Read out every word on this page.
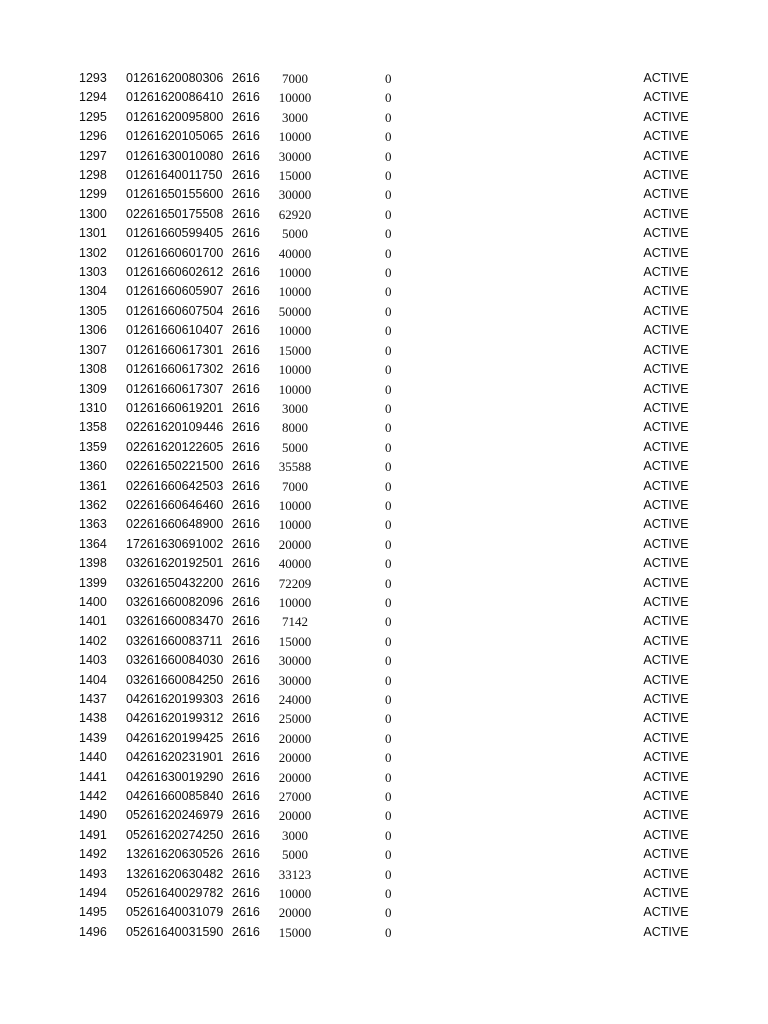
	1293	01261620080306	2616	7000		0		ACTIVE	
	1294	01261620086410	2616	10000		0		ACTIVE	
	1295	01261620095800	2616	3000		0		ACTIVE	
	1296	01261620105065	2616	10000		0		ACTIVE	
	1297	01261630010080	2616	30000		0		ACTIVE	
	1298	01261640011750	2616	15000		0		ACTIVE	
	1299	01261650155600	2616	30000		0		ACTIVE	
	1300	02261650175508	2616	62920		0		ACTIVE	
	1301	01261660599405	2616	5000		0		ACTIVE	
	1302	01261660601700	2616	40000		0		ACTIVE	
	1303	01261660602612	2616	10000		0		ACTIVE	
	1304	01261660605907	2616	10000		0		ACTIVE	
	1305	01261660607504	2616	50000		0		ACTIVE	
	1306	01261660610407	2616	10000		0		ACTIVE	
	1307	01261660617301	2616	15000		0		ACTIVE	
	1308	01261660617302	2616	10000		0		ACTIVE	
	1309	01261660617307	2616	10000		0		ACTIVE	
	1310	01261660619201	2616	3000		0		ACTIVE	
	1358	02261620109446	2616	8000		0		ACTIVE	
	1359	02261620122605	2616	5000		0		ACTIVE	
	1360	02261650221500	2616	35588		0		ACTIVE	
	1361	02261660642503	2616	7000		0		ACTIVE	
	1362	02261660646460	2616	10000		0		ACTIVE	
	1363	02261660648900	2616	10000		0		ACTIVE	
	1364	17261630691002	2616	20000		0		ACTIVE	
	1398	03261620192501	2616	40000		0		ACTIVE	
	1399	03261650432200	2616	72209		0		ACTIVE	
	1400	03261660082096	2616	10000		0		ACTIVE	
	1401	03261660083470	2616	7142		0		ACTIVE	
	1402	03261660083711	2616	15000		0		ACTIVE	
	1403	03261660084030	2616	30000		0		ACTIVE	
	1404	03261660084250	2616	30000		0		ACTIVE	
	1437	04261620199303	2616	24000		0		ACTIVE	
	1438	04261620199312	2616	25000		0		ACTIVE	
	1439	04261620199425	2616	20000		0		ACTIVE	
	1440	04261620231901	2616	20000		0		ACTIVE	
	1441	04261630019290	2616	20000		0		ACTIVE	
	1442	04261660085840	2616	27000		0		ACTIVE	
	1490	05261620246979	2616	20000		0		ACTIVE	
	1491	05261620274250	2616	3000		0		ACTIVE	
	1492	13261620630526	2616	5000		0		ACTIVE	
	1493	13261620630482	2616	33123		0		ACTIVE	
	1494	05261640029782	2616	10000		0		ACTIVE	
	1495	05261640031079	2616	20000		0		ACTIVE	
	1496	05261640031590	2616	15000		0		ACTIVE	
